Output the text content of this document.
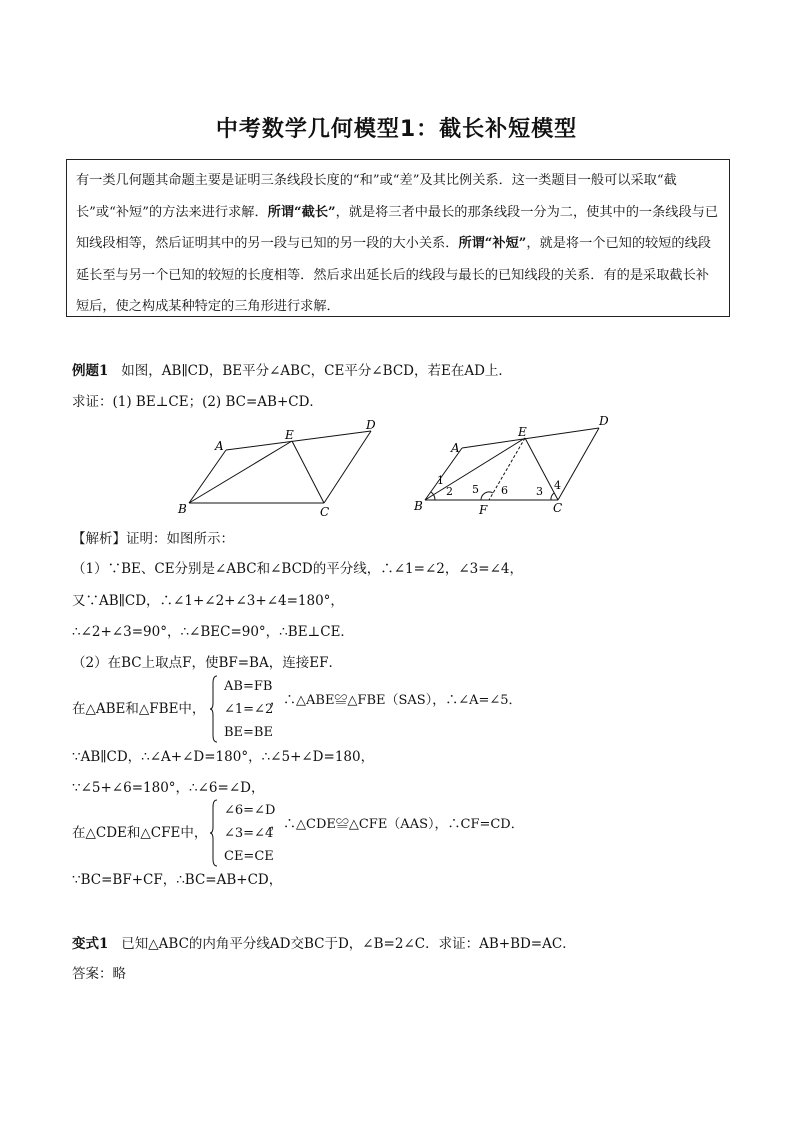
中考数学几何模型1：截长补短模型
有一类几何题其命题主要是证明三条线段长度的“和”或“差”及其比例关系．这一类题目一般可以采取“截长”或“补短”的方法来进行求解．所谓“截长”，就是将三者中最长的那条线段一分为二，使其中的一条线段与已知线段相等，然后证明其中的另一段与已知的另一段的大小关系．所谓“补短”，就是将一个已知的较短的线段延长至与另一个已知的较短的长度相等．然后求出延长后的线段与最长的已知线段的关系．有的是采取截长补短后，使之构成某种特定的三角形进行求解．
例题1 如图，AB∥CD，BE平分∠ABC，CE平分∠BCD，若E在AD上．
求证：(1) BE⊥CE；(2) BC=AB+CD．
A
B	C
D
E
A
B	C
D
E
F
1
2	3 4
5 6
【解析】证明：如图所示：
（1）∵BE、CE分别是∠ABC和∠BCD的平分线，∴∠1=∠2，∠3=∠4，
又∵AB∥CD，∴∠1+∠2+∠3+∠4=180°，
∴∠2+∠3=90°，∴∠BEC=90°，∴BE⊥CE．
（2）在BC上取点F，使BF=BA，连接EF．
在△ABE和△FBE中，
AB=FB
∠1=∠2
BE=BE
，∴△ABE≌△FBE（SAS），∴∠A=∠5．
∵AB∥CD，∴∠A+∠D=180°，∴∠5+∠D=180，
∵∠5+∠6=180°，∴∠6=∠D，
在△CDE和△CFE中，
∠6=∠D
∠3=∠4
CE=CE
，∴△CDE≌△CFE（AAS），∴CF=CD．
∵BC=BF+CF，∴BC=AB+CD，
变式1 已知△ABC的内角平分线AD交BC于D，∠B=2∠C．求证：AB+BD=AC．
答案：略
